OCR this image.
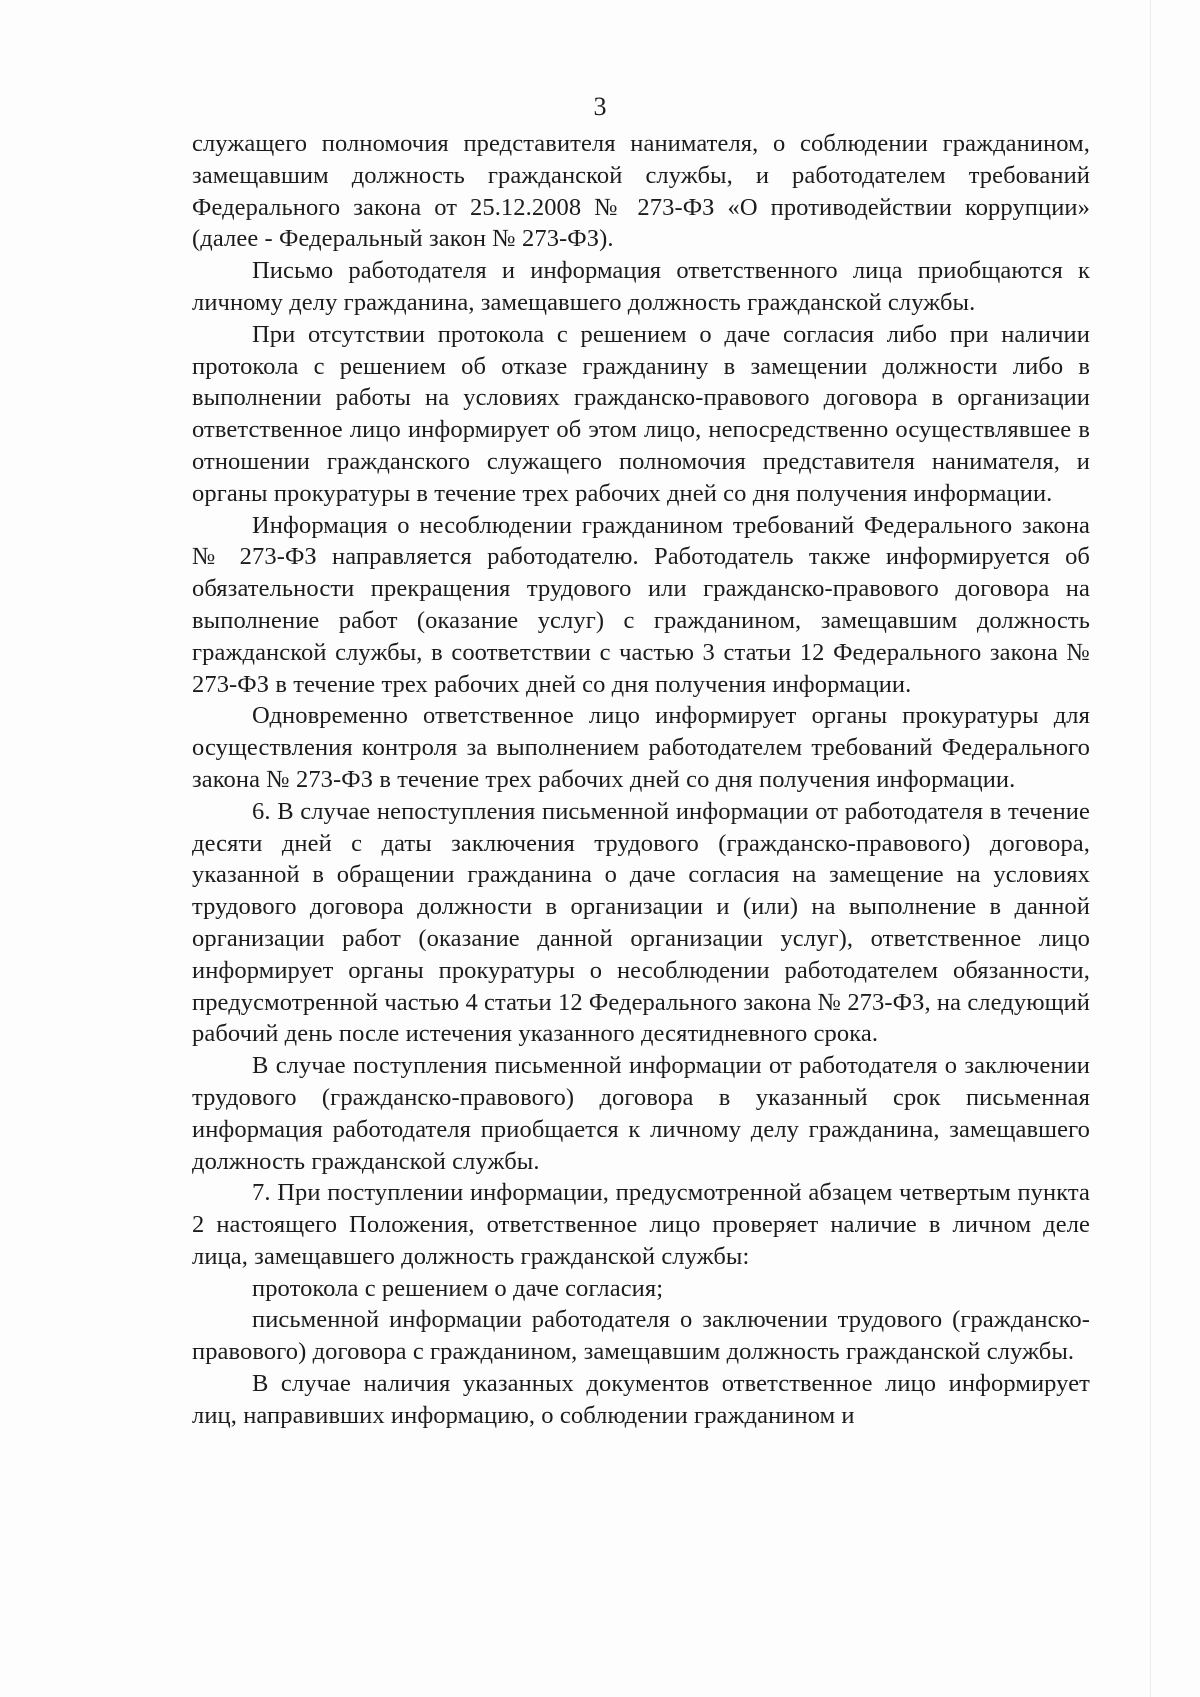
3

служащего полномочия представителя нанимателя, о соблюдении гражданином, замещавшим должность гражданской службы, и работодателем требований Федерального закона от 25.12.2008 № 273-ФЗ «О противодействии коррупции» (далее - Федеральный закон № 273-ФЗ).

Письмо работодателя и информация ответственного лица приобщаются к личному делу гражданина, замещавшего должность гражданской службы.

При отсутствии протокола с решением о даче согласия либо при наличии протокола с решением об отказе гражданину в замещении должности либо в выполнении работы на условиях гражданско-правового договора в организации ответственное лицо информирует об этом лицо, непосредственно осуществлявшее в отношении гражданского служащего полномочия представителя нанимателя, и органы прокуратуры в течение трех рабочих дней со дня получения информации.

Информация о несоблюдении гражданином требований Федерального закона № 273-ФЗ направляется работодателю. Работодатель также информируется об обязательности прекращения трудового или гражданско-правового договора на выполнение работ (оказание услуг) с гражданином, замещавшим должность гражданской службы, в соответствии с частью 3 статьи 12 Федерального закона № 273-ФЗ в течение трех рабочих дней со дня получения информации.

Одновременно ответственное лицо информирует органы прокуратуры для осуществления контроля за выполнением работодателем требований Федерального закона № 273-ФЗ в течение трех рабочих дней со дня получения информации.

6. В случае непоступления письменной информации от работодателя в течение десяти дней с даты заключения трудового (гражданско-правового) договора, указанной в обращении гражданина о даче согласия на замещение на условиях трудового договора должности в организации и (или) на выполнение в данной организации работ (оказание данной организации услуг), ответственное лицо информирует органы прокуратуры о несоблюдении работодателем обязанности, предусмотренной частью 4 статьи 12 Федерального закона № 273-ФЗ, на следующий рабочий день после истечения указанного десятидневного срока.

В случае поступления письменной информации от работодателя о заключении трудового (гражданско-правового) договора в указанный срок письменная информация работодателя приобщается к личному делу гражданина, замещавшего должность гражданской службы.

7. При поступлении информации, предусмотренной абзацем четвертым пункта 2 настоящего Положения, ответственное лицо проверяет наличие в личном деле лица, замещавшего должность гражданской службы:

протокола с решением о даче согласия;

письменной информации работодателя о заключении трудового (гражданско-правового) договора с гражданином, замещавшим должность гражданской службы.

В случае наличия указанных документов ответственное лицо информирует лиц, направивших информацию, о соблюдении гражданином и
